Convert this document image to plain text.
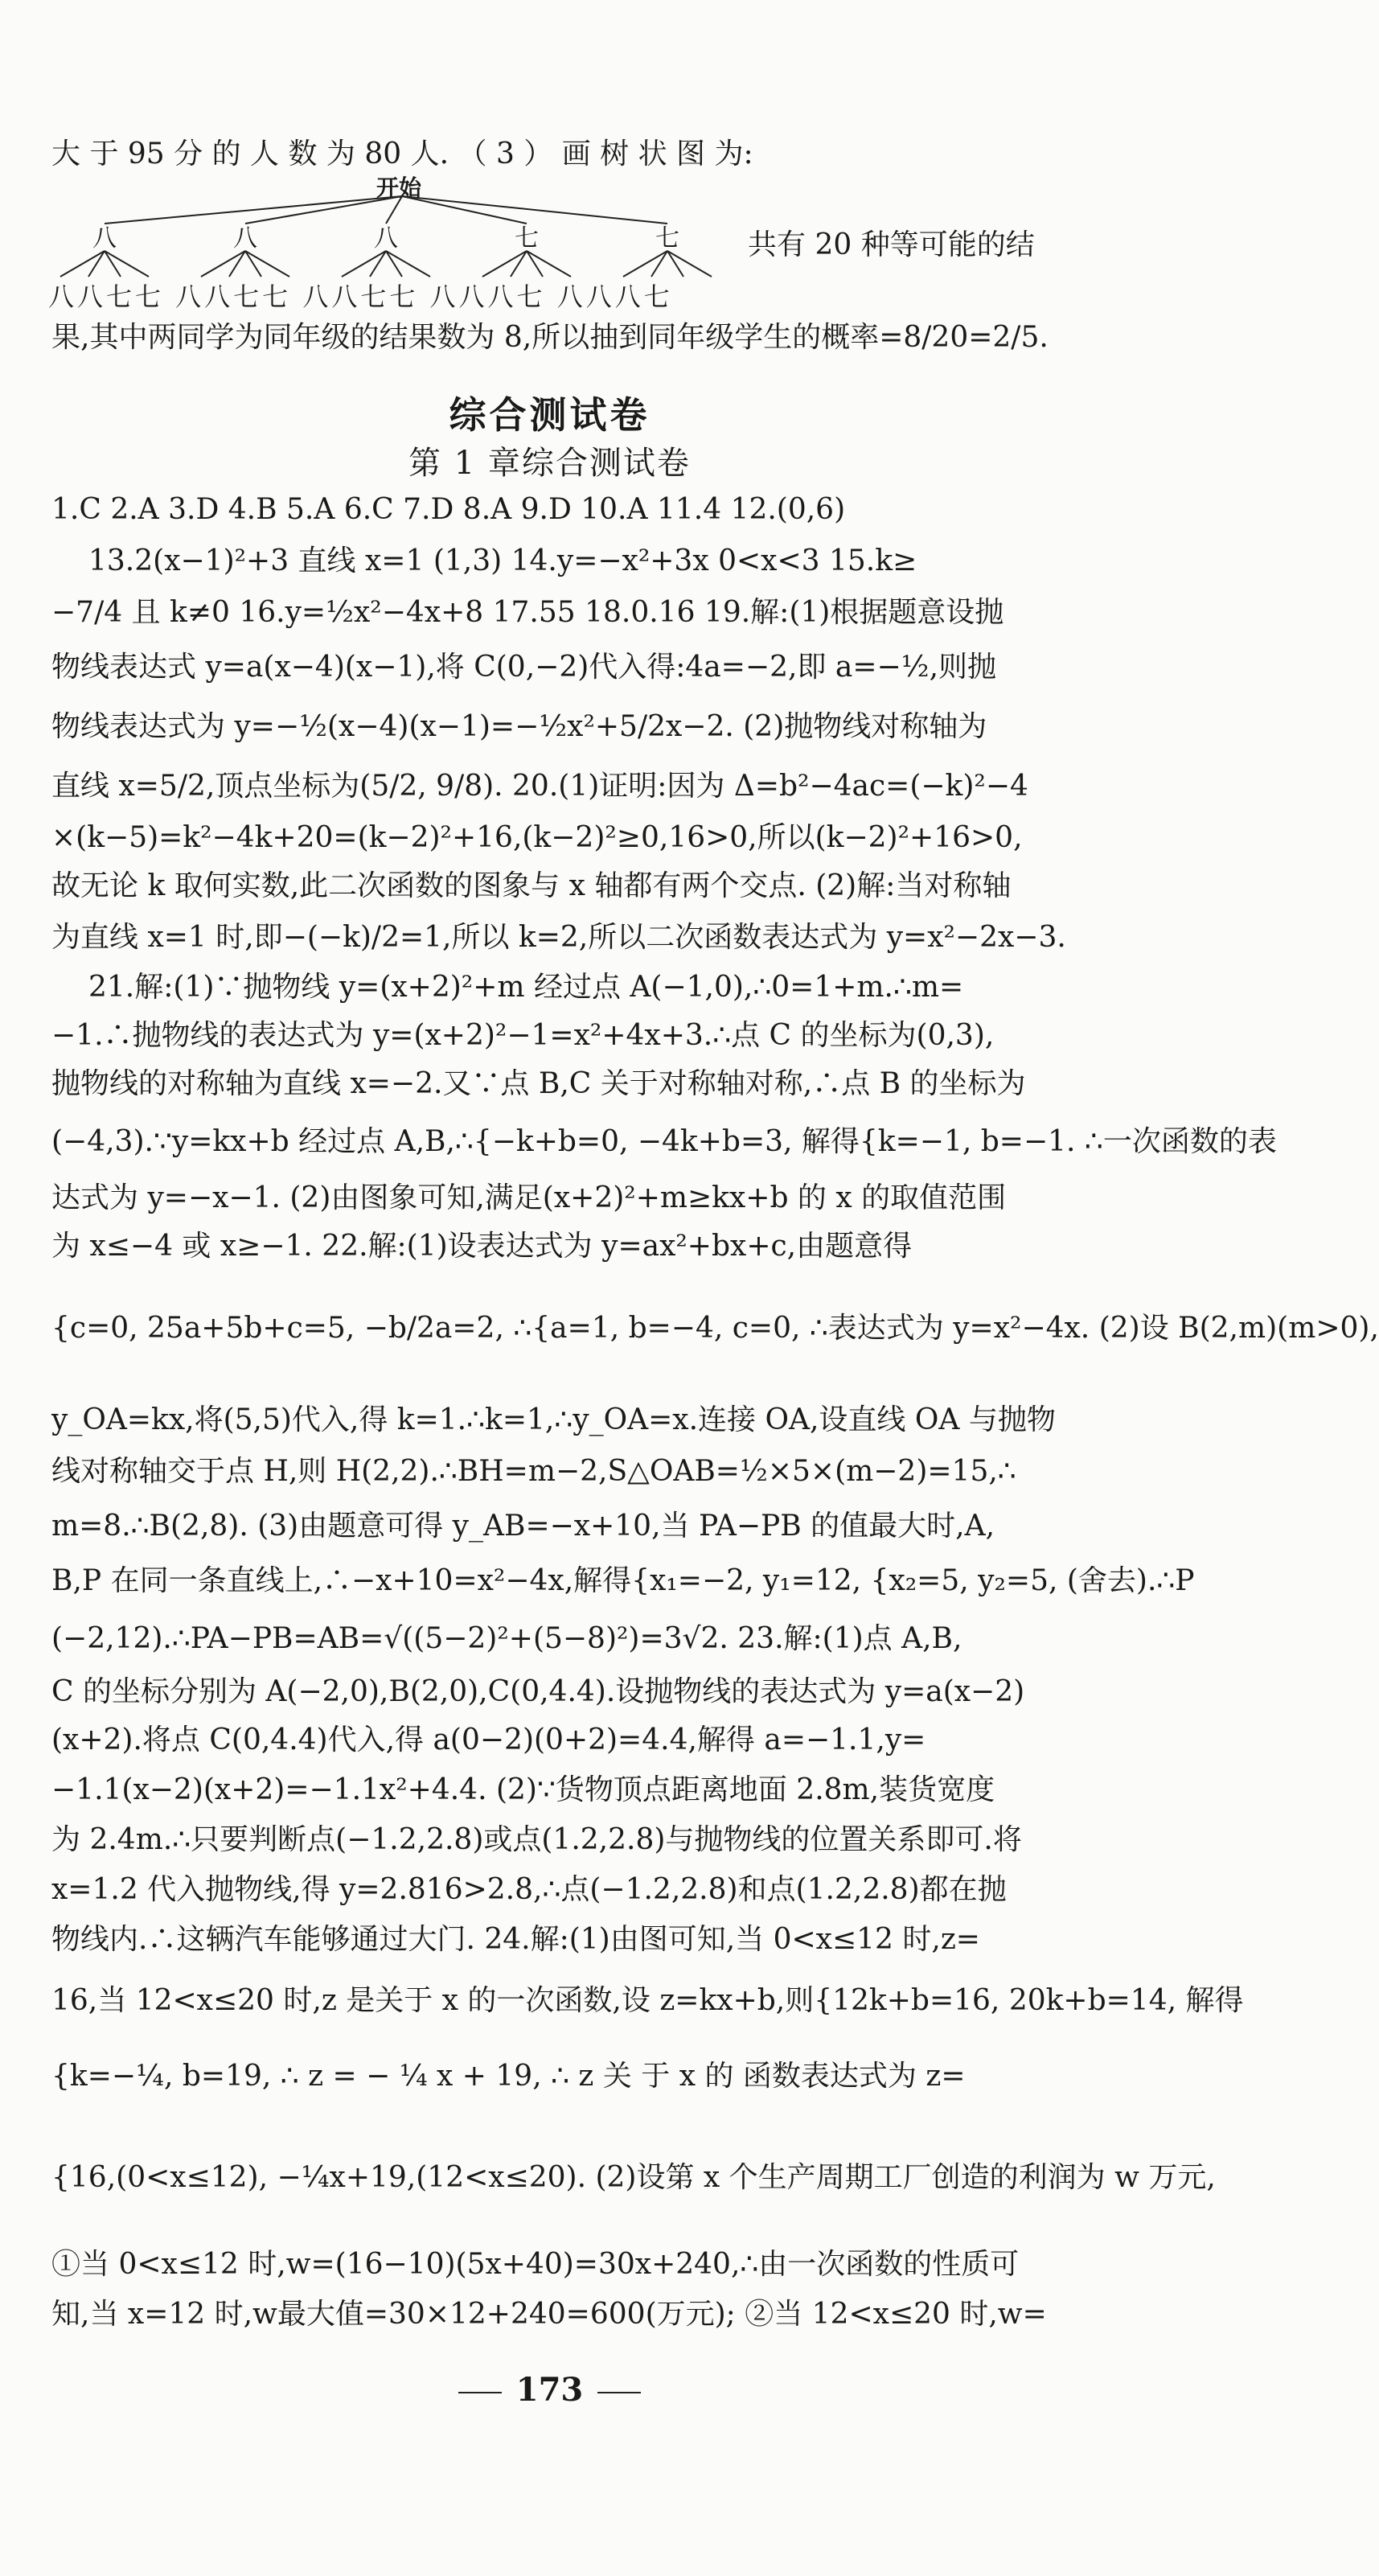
大 于 95 分 的 人 数 为 80 人. （ 3 ） 画 树 状 图 为:
开始
八	八	八	七	七
八八七七 八八七七 八八七七 八八八七 八八八七
共有 20 种等可能的结
果,其中两同学为同年级的结果数为 8,所以抽到同年级学生的概率=8/20=2/5.
综合测试卷
第 1 章综合测试卷
1.C 2.A 3.D 4.B 5.A 6.C 7.D 8.A 9.D 10.A 11.4 12.(0,6)
13.2(x−1)²+3 直线 x=1 (1,3) 14.y=−x²+3x 0<x<3 15.k≥
−7/4 且 k≠0 16.y=½x²−4x+8 17.55 18.0.16 19.解:(1)根据题意设抛
物线表达式 y=a(x−4)(x−1),将 C(0,−2)代入得:4a=−2,即 a=−½,则抛
物线表达式为 y=−½(x−4)(x−1)=−½x²+5/2x−2. (2)抛物线对称轴为
直线 x=5/2,顶点坐标为(5/2, 9/8). 20.(1)证明:因为 Δ=b²−4ac=(−k)²−4
×(k−5)=k²−4k+20=(k−2)²+16,(k−2)²≥0,16>0,所以(k−2)²+16>0,
故无论 k 取何实数,此二次函数的图象与 x 轴都有两个交点. (2)解:当对称轴
为直线 x=1 时,即−(−k)/2=1,所以 k=2,所以二次函数表达式为 y=x²−2x−3.
21.解:(1)∵抛物线 y=(x+2)²+m 经过点 A(−1,0),∴0=1+m.∴m=
−1.∴抛物线的表达式为 y=(x+2)²−1=x²+4x+3.∴点 C 的坐标为(0,3),
抛物线的对称轴为直线 x=−2.又∵点 B,C 关于对称轴对称,∴点 B 的坐标为
(−4,3).∵y=kx+b 经过点 A,B,∴{−k+b=0, −4k+b=3, 解得{k=−1, b=−1. ∴一次函数的表
达式为 y=−x−1. (2)由图象可知,满足(x+2)²+m≥kx+b 的 x 的取值范围
为 x≤−4 或 x≥−1. 22.解:(1)设表达式为 y=ax²+bx+c,由题意得
{c=0, 25a+5b+c=5, −b/2a=2, ∴{a=1, b=−4, c=0, ∴表达式为 y=x²−4x. (2)设 B(2,m)(m>0),
y_OA=kx,将(5,5)代入,得 k=1.∴k=1,∴y_OA=x.连接 OA,设直线 OA 与抛物
线对称轴交于点 H,则 H(2,2).∴BH=m−2,S△OAB=½×5×(m−2)=15,∴
m=8.∴B(2,8). (3)由题意可得 y_AB=−x+10,当 PA−PB 的值最大时,A,
B,P 在同一条直线上,∴−x+10=x²−4x,解得{x₁=−2, y₁=12, {x₂=5, y₂=5, (舍去).∴P
(−2,12).∴PA−PB=AB=√((5−2)²+(5−8)²)=3√2. 23.解:(1)点 A,B,
C 的坐标分别为 A(−2,0),B(2,0),C(0,4.4).设抛物线的表达式为 y=a(x−2)
(x+2).将点 C(0,4.4)代入,得 a(0−2)(0+2)=4.4,解得 a=−1.1,y=
−1.1(x−2)(x+2)=−1.1x²+4.4. (2)∵货物顶点距离地面 2.8m,装货宽度
为 2.4m.∴只要判断点(−1.2,2.8)或点(1.2,2.8)与抛物线的位置关系即可.将
x=1.2 代入抛物线,得 y=2.816>2.8,∴点(−1.2,2.8)和点(1.2,2.8)都在抛
物线内.∴这辆汽车能够通过大门. 24.解:(1)由图可知,当 0<x≤12 时,z=
16,当 12<x≤20 时,z 是关于 x 的一次函数,设 z=kx+b,则{12k+b=16, 20k+b=14, 解得
{k=−¼, b=19, ∴ z = − ¼ x + 19, ∴ z 关 于 x 的 函数表达式为 z=
{16,(0<x≤12), −¼x+19,(12<x≤20). (2)设第 x 个生产周期工厂创造的利润为 w 万元,
①当 0<x≤12 时,w=(16−10)(5x+40)=30x+240,∴由一次函数的性质可
知,当 x=12 时,w最大值=30×12+240=600(万元); ②当 12<x≤20 时,w=
173
